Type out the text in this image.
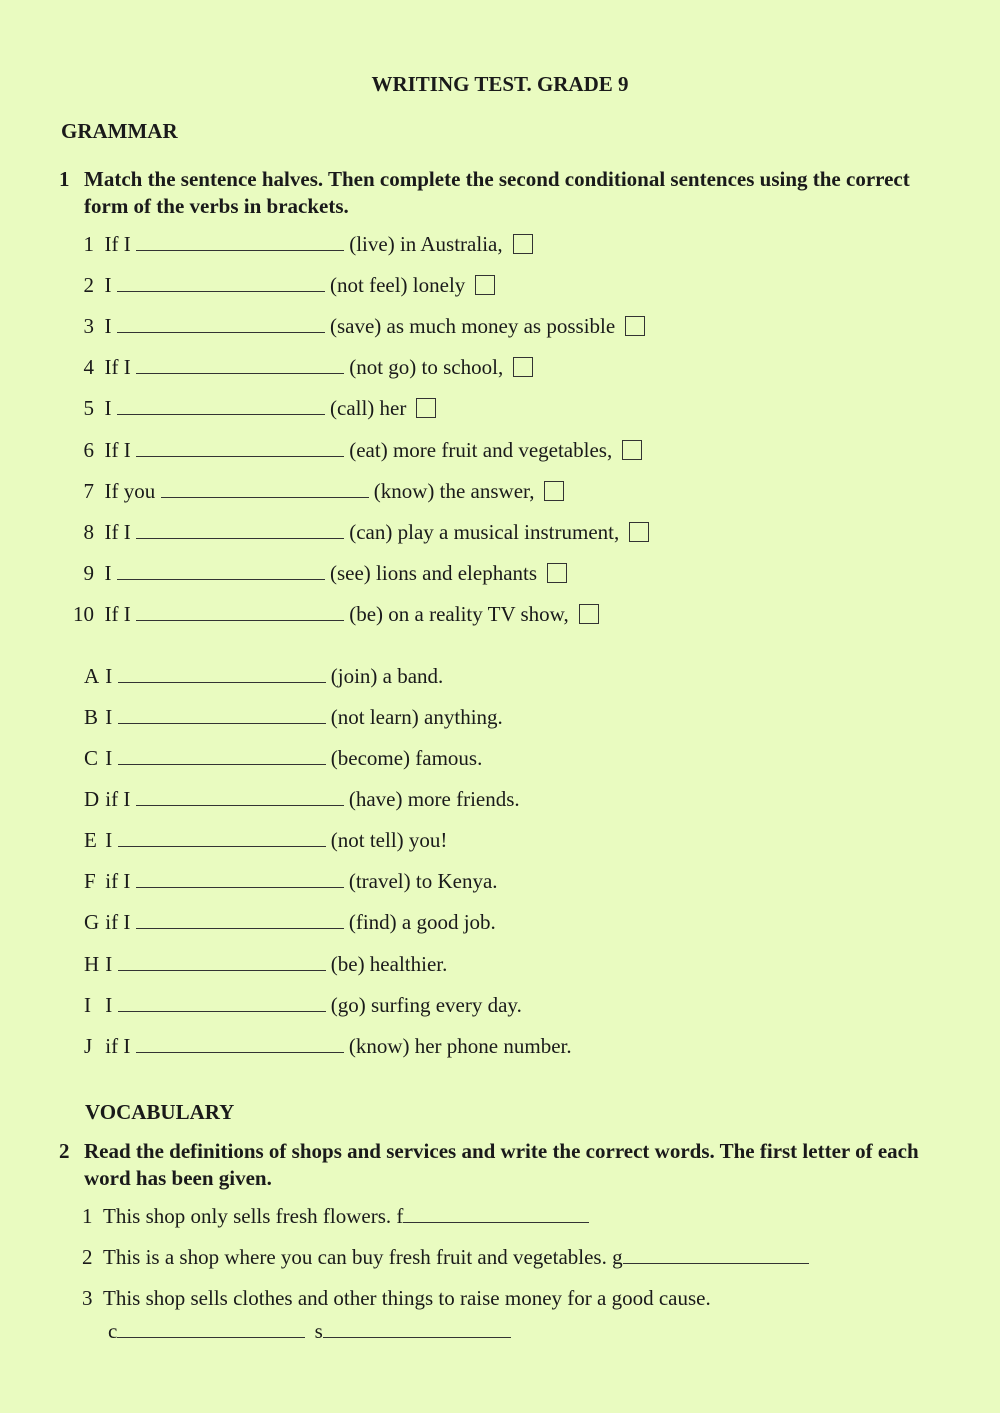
WRITING TEST. GRADE 9
GRAMMAR
1 Match the sentence halves. Then complete the second conditional sentences using the correct form of the verbs in brackets.
1 If I	(live) in Australia,
2 I	(not feel) lonely
3 I	(save) as much money as possible
4 If I	(not go) to school,
5 I	(call) her
6 If I	(eat) more fruit and vegetables,
7 If you	(know) the answer,
8 If I	(can) play a musical instrument,
9 I	(see) lions and elephants
10 If I	(be) on a reality TV show,
A I	(join) a band.
B I	(not learn) anything.
C I	(become) famous.
D if I	(have) more friends.
E I	(not tell) you!
F if I	(travel) to Kenya.
G if I	(find) a good job.
H I	(be) healthier.
I I	(go) surfing every day.
J if I	(know) her phone number.
VOCABULARY
2 Read the definitions of shops and services and write the correct words. The first letter of each word has been given.
1 This shop only sells fresh flowers. f
2 This is a shop where you can buy fresh fruit and vegetables. g
3 This shop sells clothes and other things to raise money for a good cause.
c	s
